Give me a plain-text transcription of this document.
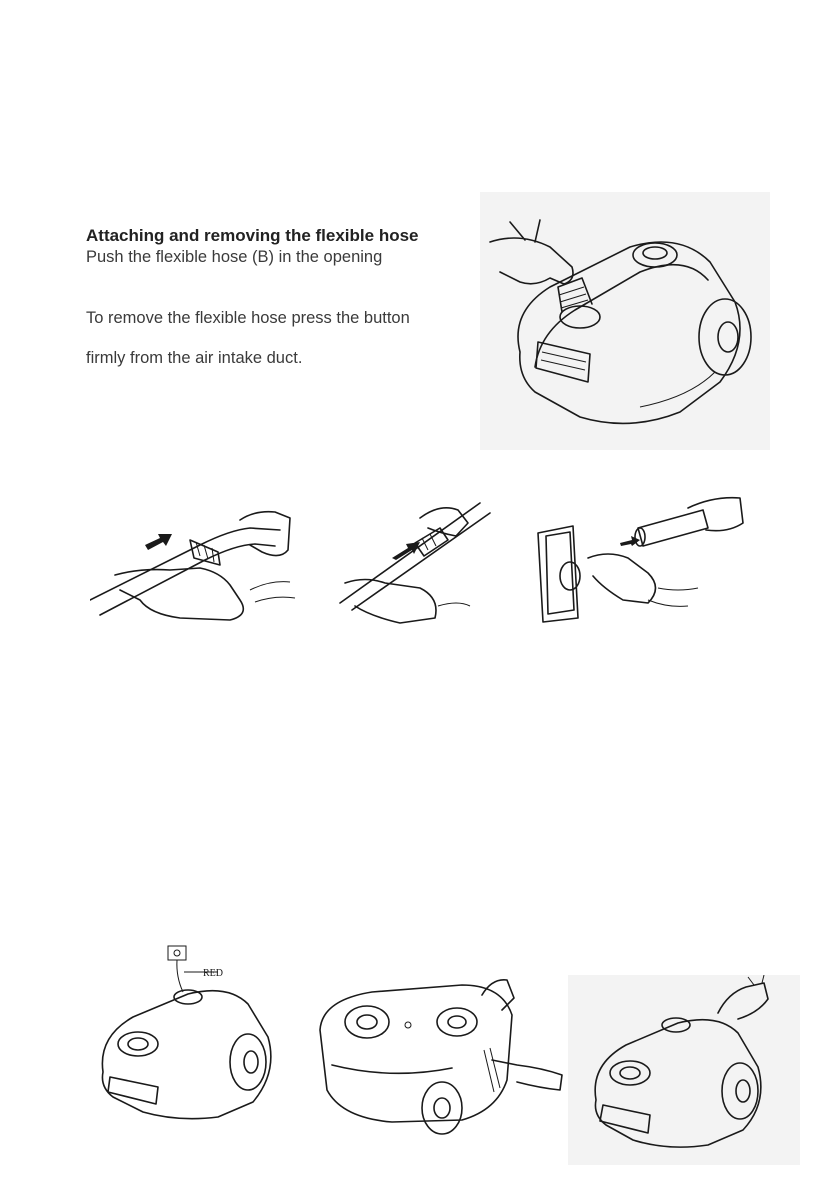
Attaching and removing the flexible hose

Push the flexible hose (B) in the opening

To remove the flexible hose press the button

firmly from the air intake duct.

RED
